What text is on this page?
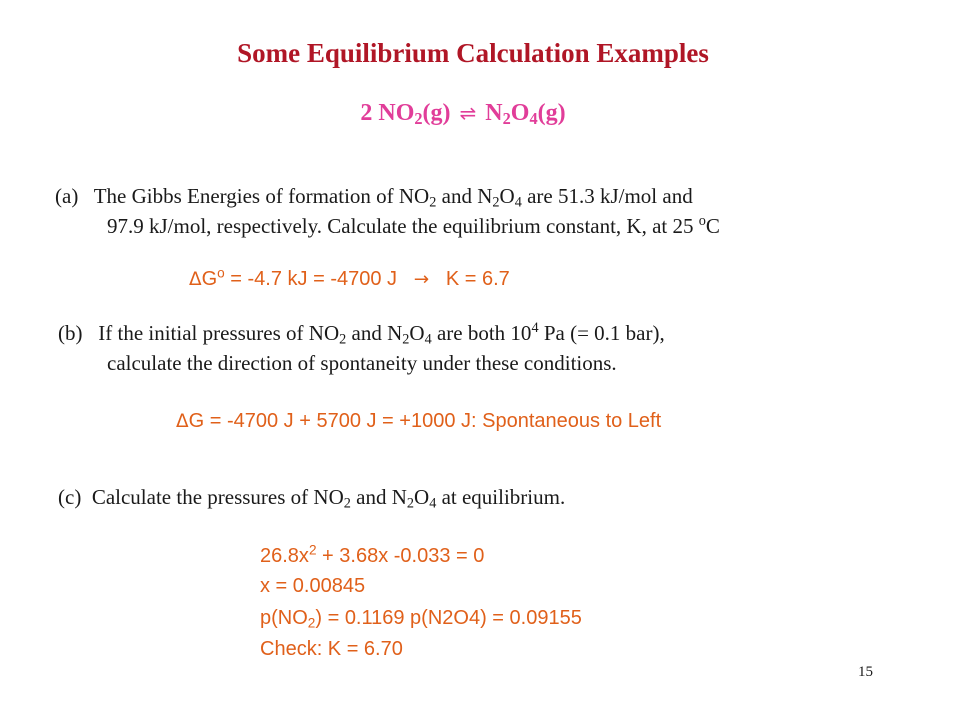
Some Equilibrium Calculation Examples
2 $NO_2(g)$ ⇌ $N_2O_4(g)$
(a) The Gibbs Energies of formation of $NO_2$ and $N_2O_4$ are 51.3 kJ/mol and
97.9 kJ/mol, respectively. Calculate the equilibrium constant, K, at 25 $^o$C
$\Delta G^o = -4.7$ kJ = -4700 J → K = 6.7
(b) If the initial pressures of $NO_2$ and $N_2O_4$ are both $10^4$ Pa (= 0.1 bar),
calculate the direction of spontaneity under these conditions.
ΔG = -4700 J + 5700 J = +1000 J: Spontaneous to Left
(c) Calculate the pressures of $NO_2$ and $N_2O_4$ at equilibrium.
$26.8x^2 + 3.68x$ -0.033 = 0
x = 0.00845
$p(NO_2) = 0.1169$ p(N2O4) = 0.09155
Check: K = 6.70
15
